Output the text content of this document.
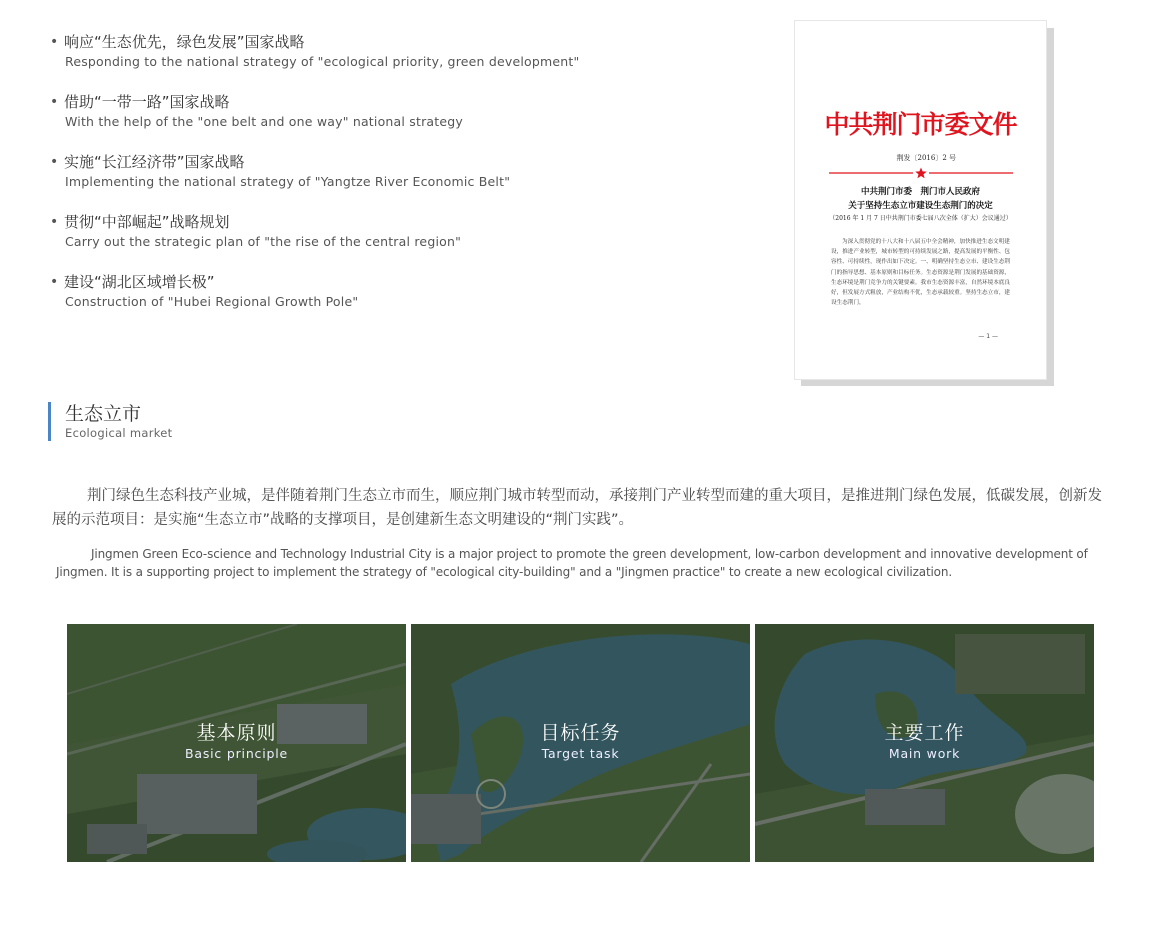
• 响应“生态优先，绿色发展”国家战略
Responding to the national strategy of "ecological priority, green development"
• 借助“一带一路”国家战略
With the help of the "one belt and one way" national strategy
• 实施“长江经济带”国家战略
Implementing the national strategy of "Yangtze River Economic Belt"
• 贯彻“中部崛起”战略规划
Carry out the strategic plan of "the rise of the central region"
• 建设“湖北区域增长极”
Construction of "Hubei Regional Growth Pole"
中共荆门市委文件
荆发〔2016〕2 号
中共荆门市委　荆门市人民政府
关于坚持生态立市建设生态荆门的决定
（2016 年 1 月 7 日中共荆门市委七届八次全体（扩大）会议通过）
为深入贯彻党的十八大和十八届五中全会精神，加快推进生态文明建设，推进产业转型，城市转型的可持续发展之路，提高发展的平衡性、包容性、可持续性，现作出如下决定。一、明确坚持生态立市、建设生态荆门的指导思想、基本原则和目标任务。生态资源是荆门发展的基础资源，生态环境是荆门竞争力的关键要素。我市生态资源丰富，自然环境本底良好，但发展方式粗放，产业结构不优，生态承载较重。坚持生态立市，建设生态荆门，
— 1 —
生态立市
Ecological market

荆门绿色生态科技产业城，是伴随着荆门生态立市而生，顺应荆门城市转型而动，承接荆门产业转型而建的重大项目，是推进荆门绿色发展，低碳发展，创新发展的示范项目：是实施“生态立市”战略的支撑项目，是创建新生态文明建设的“荆门实践”。

Jingmen Green Eco-science and Technology Industrial City is a major project to promote the green development, low-carbon development and innovative development of Jingmen. It is a supporting project to implement the strategy of "ecological city-building" and a "Jingmen practice" to create a new ecological civilization.

基本原则
Basic principle
目标任务
Target task
主要工作
Main work
